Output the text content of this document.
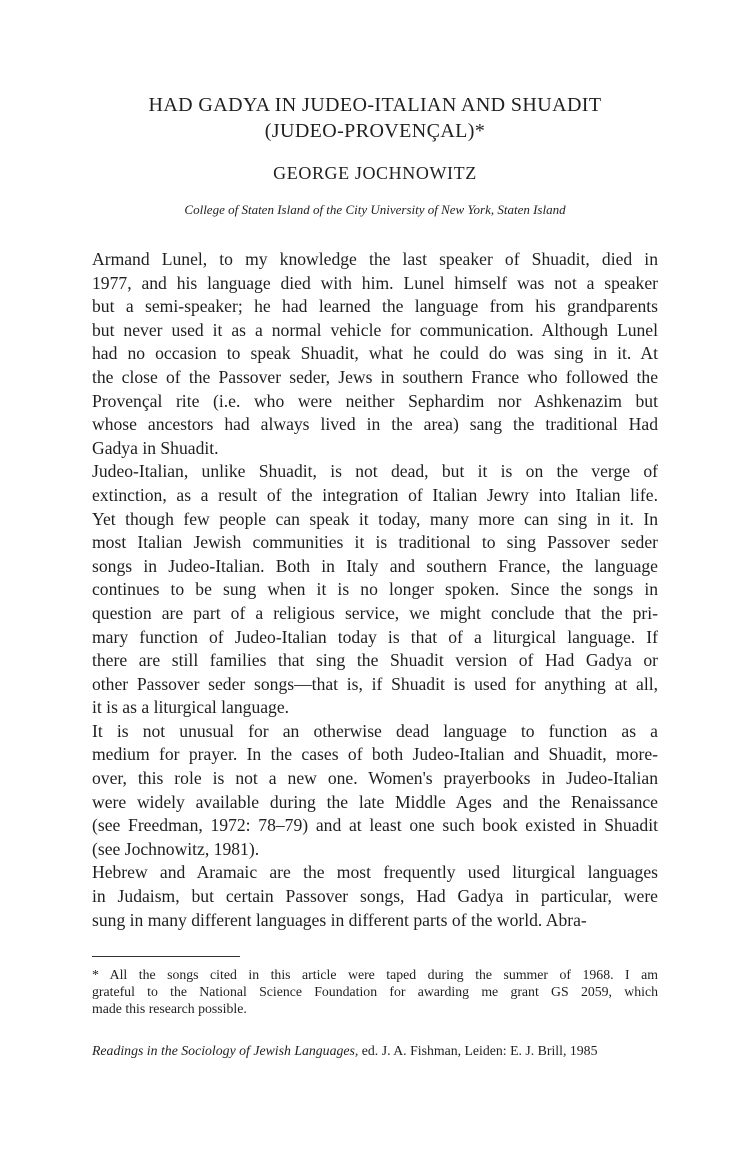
HAD GADYA IN JUDEO-ITALIAN AND SHUADIT
(JUDEO-PROVENÇAL)*
GEORGE JOCHNOWITZ
College of Staten Island of the City University of New York, Staten Island

Armand Lunel, to my knowledge the last speaker of Shuadit, died in
1977, and his language died with him. Lunel himself was not a speaker
but a semi-speaker; he had learned the language from his grandparents
but never used it as a normal vehicle for communication. Although Lunel
had no occasion to speak Shuadit, what he could do was sing in it. At
the close of the Passover seder, Jews in southern France who followed the
Provençal rite (i.e. who were neither Sephardim nor Ashkenazim but
whose ancestors had always lived in the area) sang the traditional Had
Gadya in Shuadit.

Judeo-Italian, unlike Shuadit, is not dead, but it is on the verge of
extinction, as a result of the integration of Italian Jewry into Italian life.
Yet though few people can speak it today, many more can sing in it. In
most Italian Jewish communities it is traditional to sing Passover seder
songs in Judeo-Italian. Both in Italy and southern France, the language
continues to be sung when it is no longer spoken. Since the songs in
question are part of a religious service, we might conclude that the pri-
mary function of Judeo-Italian today is that of a liturgical language. If
there are still families that sing the Shuadit version of Had Gadya or
other Passover seder songs—that is, if Shuadit is used for anything at all,
it is as a liturgical language.

It is not unusual for an otherwise dead language to function as a
medium for prayer. In the cases of both Judeo-Italian and Shuadit, more-
over, this role is not a new one. Women's prayerbooks in Judeo-Italian
were widely available during the late Middle Ages and the Renaissance
(see Freedman, 1972: 78–79) and at least one such book existed in Shuadit
(see Jochnowitz, 1981).

Hebrew and Aramaic are the most frequently used liturgical languages
in Judaism, but certain Passover songs, Had Gadya in particular, were
sung in many different languages in different parts of the world. Abra-

* All the songs cited in this article were taped during the summer of 1968. I am
grateful to the National Science Foundation for awarding me grant GS 2059, which
made this research possible.
Readings in the Sociology of Jewish Languages, ed. J. A. Fishman, Leiden: E. J. Brill, 1985
